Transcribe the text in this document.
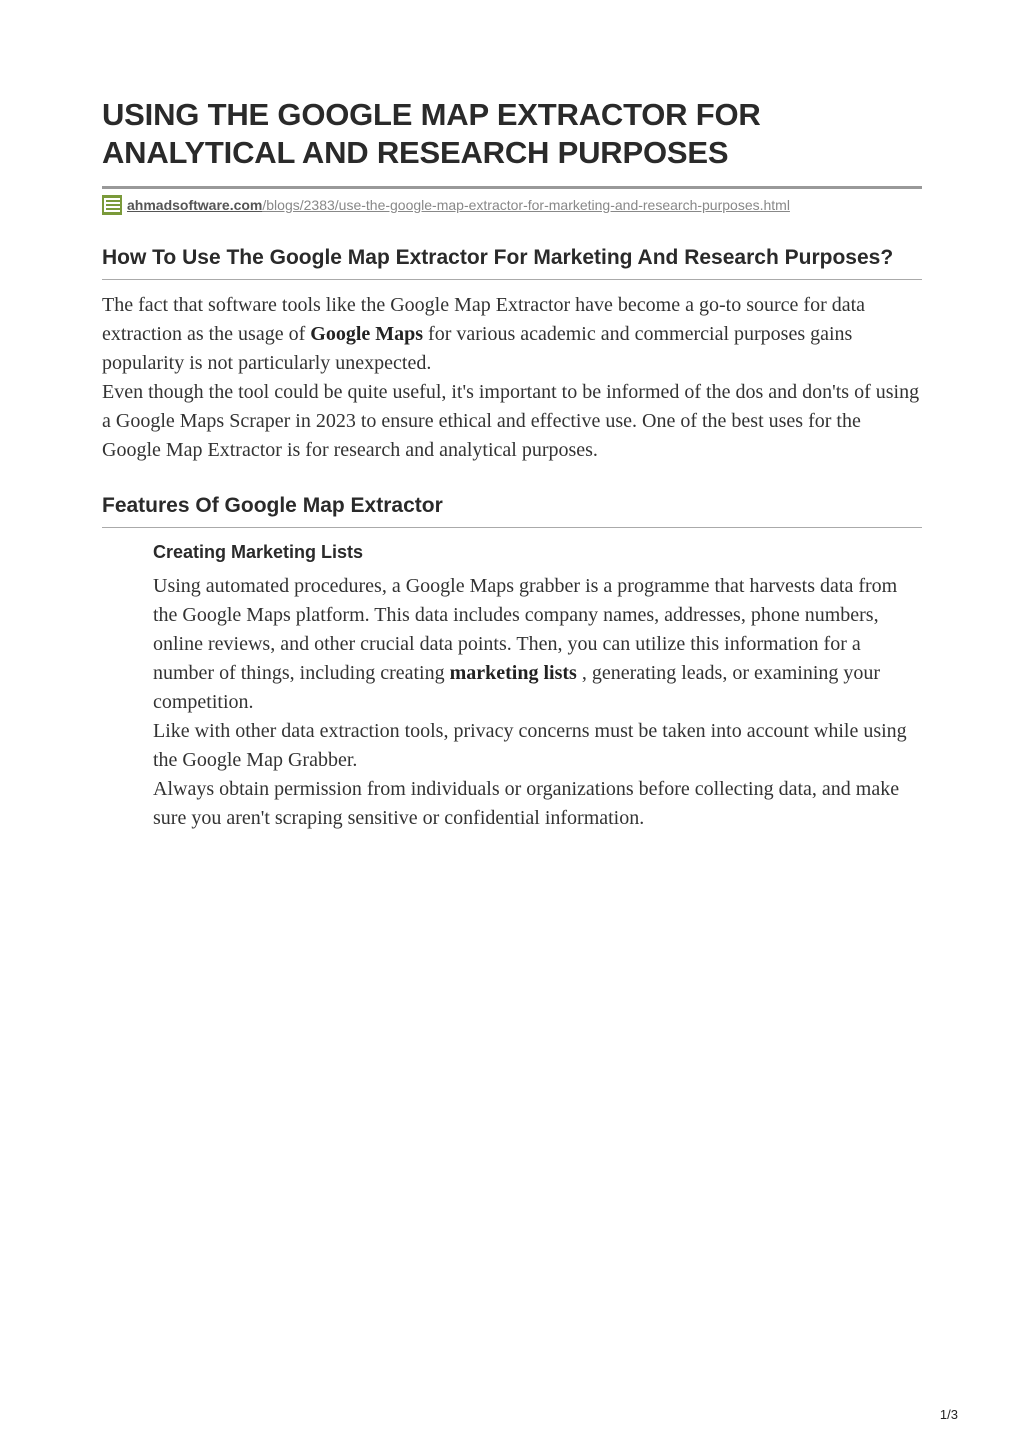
USING THE GOOGLE MAP EXTRACTOR FOR
ANALYTICAL AND RESEARCH PURPOSES
ahmadsoftware.com /blogs/2383/use-the-google-map-extractor-for-marketing-and-research-purposes.html
How To Use The Google Map Extractor For Marketing And Research Purposes?

The fact that software tools like the Google Map Extractor have become a go-to source for data extraction as the usage of Google Maps for various academic and commercial purposes gains popularity is not particularly unexpected.

Even though the tool could be quite useful, it's important to be informed of the dos and don'ts of using a Google Maps Scraper in 2023 to ensure ethical and effective use. One of the best uses for the Google Map Extractor is for research and analytical purposes.

Features Of Google Map Extractor
Creating Marketing Lists

Using automated procedures, a Google Maps grabber is a programme that harvests data from the Google Maps platform. This data includes company names, addresses, phone numbers, online reviews, and other crucial data points. Then, you can utilize this information for a number of things, including creating marketing lists , generating leads, or examining your competition.

Like with other data extraction tools, privacy concerns must be taken into account while using the Google Map Grabber.

Always obtain permission from individuals or organizations before collecting data, and make sure you aren't scraping sensitive or confidential information.

1/3
